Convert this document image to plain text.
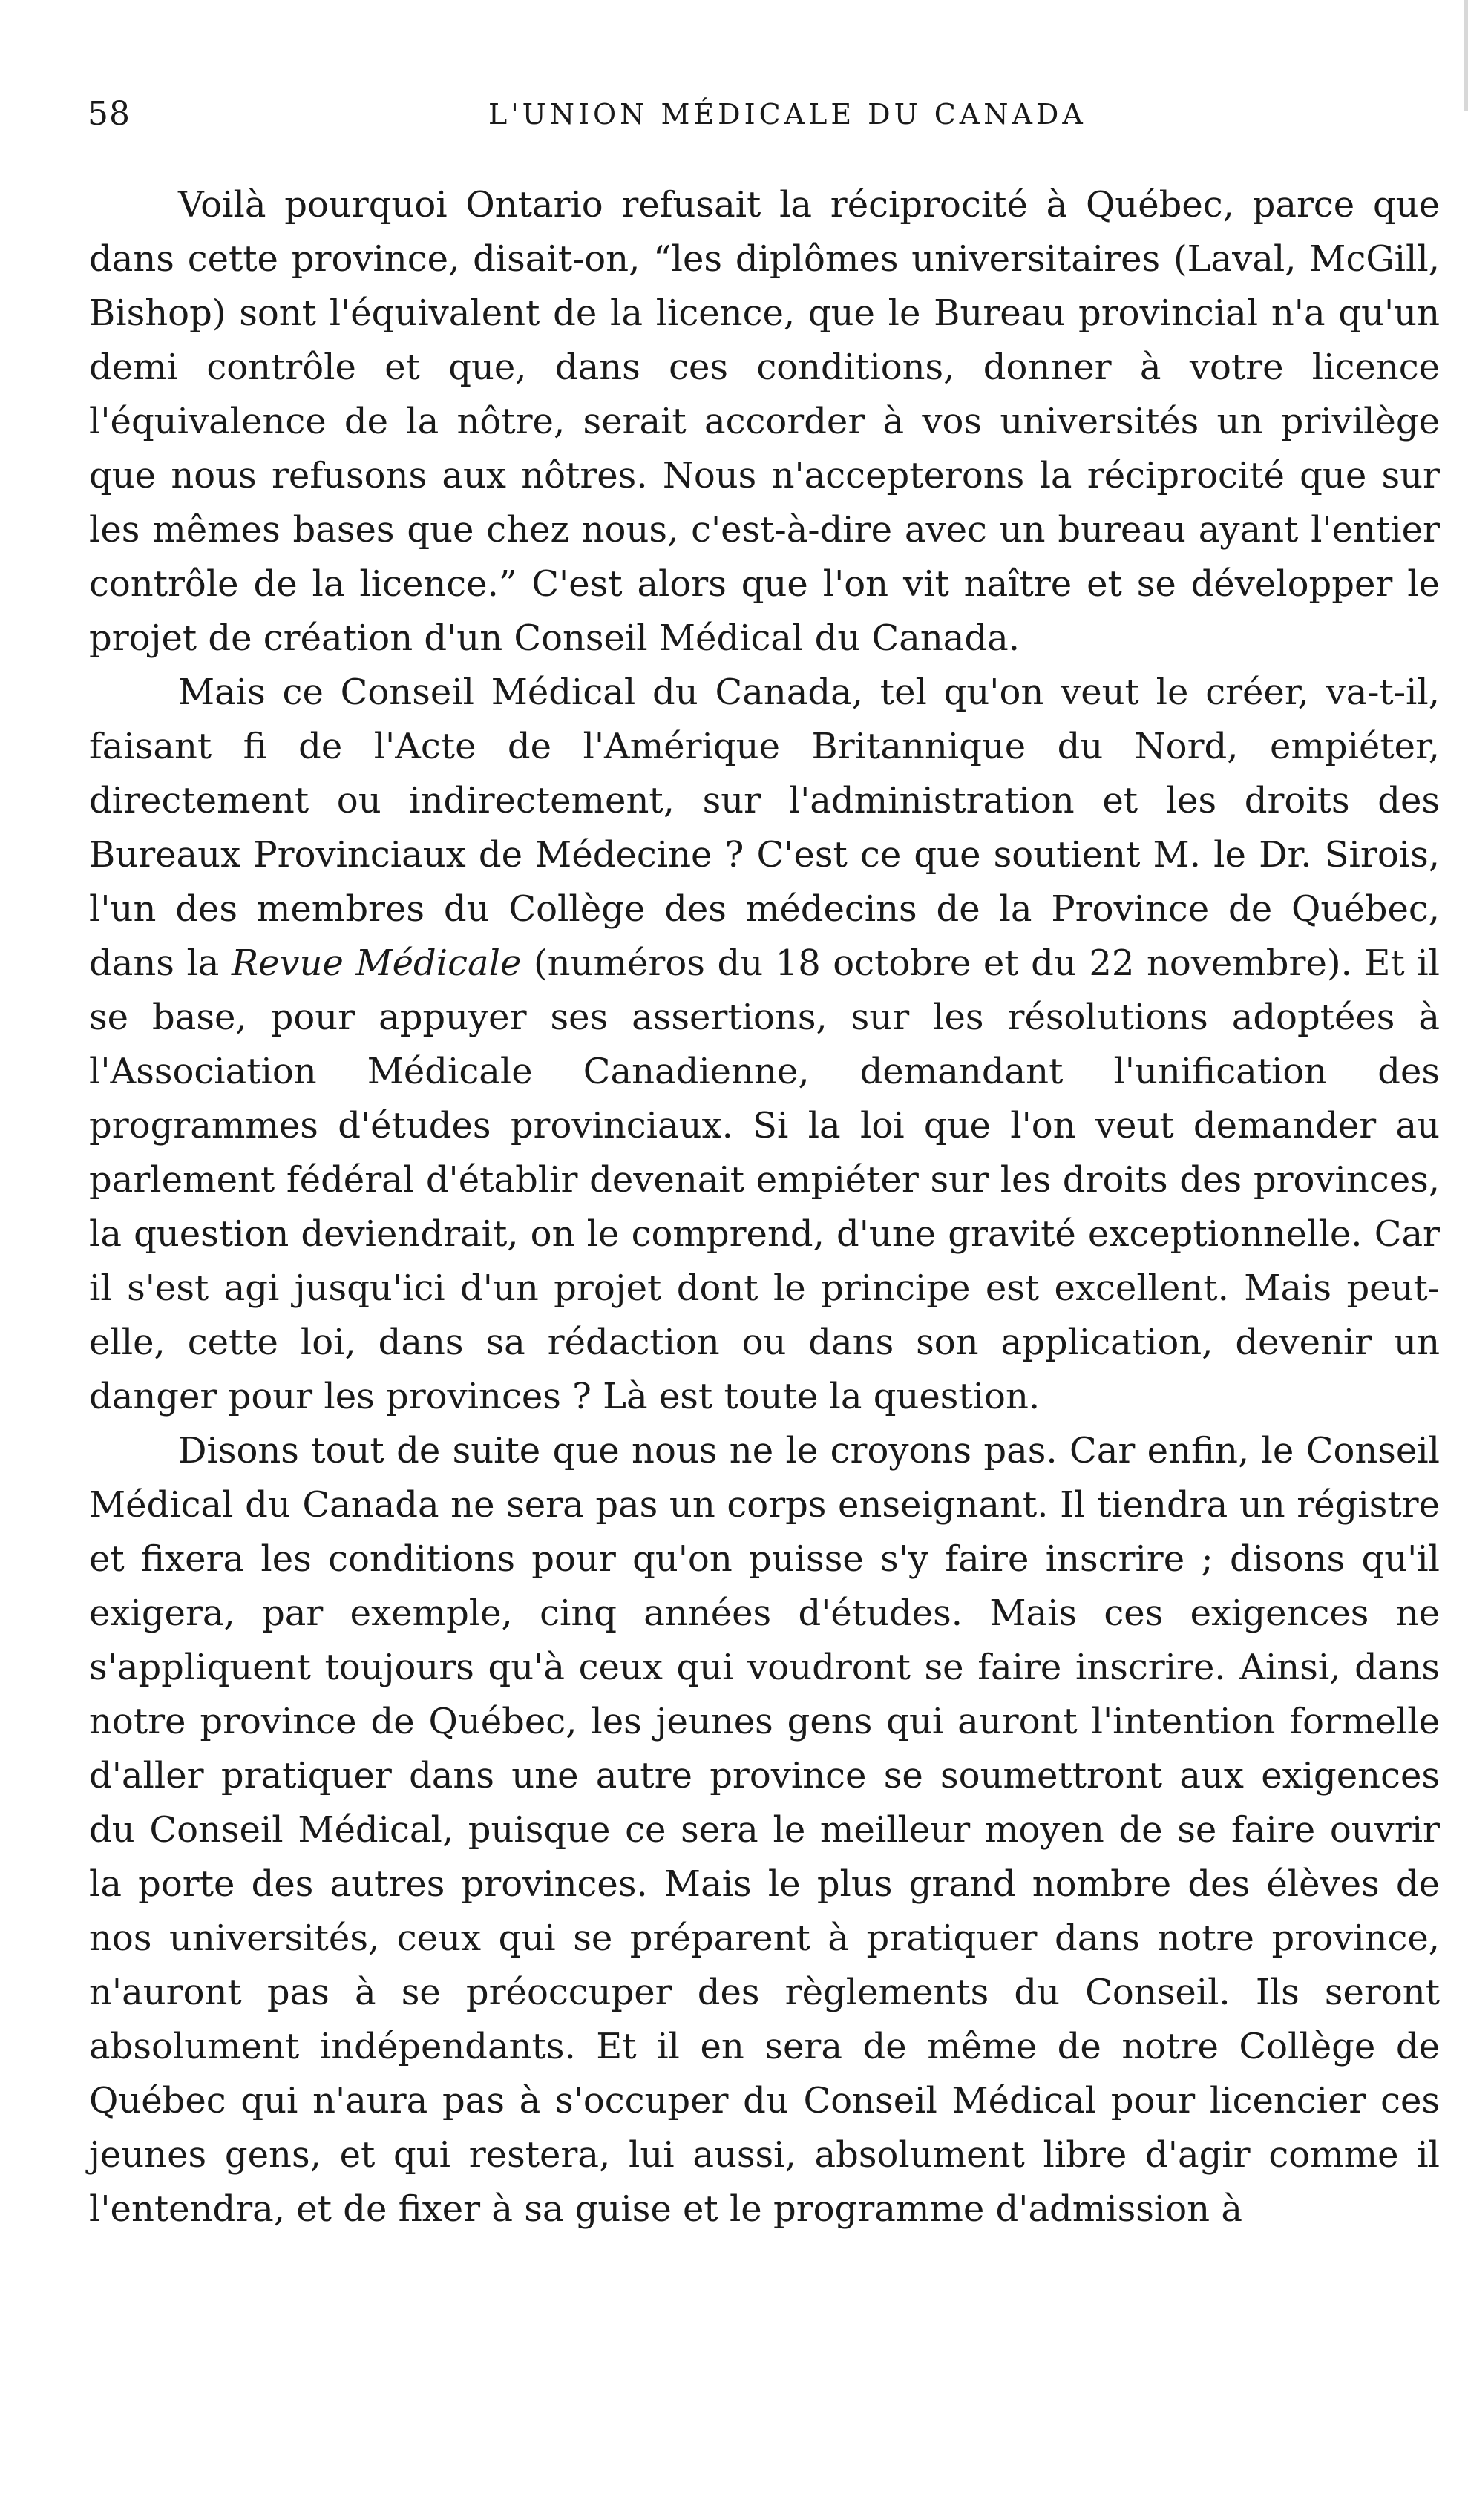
58	L'UNION MÉDICALE DU CANADA

Voilà pourquoi Ontario refusait la réciprocité à Québec, parce que dans cette province, disait-on, “les diplômes universitaires (Laval, McGill, Bishop) sont l'équivalent de la licence, que le Bureau provincial n'a qu'un demi contrôle et que, dans ces conditions, donner à votre licence l'équivalence de la nôtre, serait accorder à vos universités un privilège que nous refusons aux nôtres. Nous n'accepterons la réciprocité que sur les mêmes bases que chez nous, c'est-à-dire avec un bureau ayant l'entier contrôle de la licence.” C'est alors que l'on vit naître et se développer le projet de création d'un Conseil Médical du Canada.

Mais ce Conseil Médical du Canada, tel qu'on veut le créer, va-t-il, faisant fi de l'Acte de l'Amérique Britannique du Nord, empiéter, directement ou indirectement, sur l'administration et les droits des Bureaux Provinciaux de Médecine ? C'est ce que soutient M. le Dr. Sirois, l'un des membres du Collège des médecins de la Province de Québec, dans la Revue Médicale (numéros du 18 octobre et du 22 novembre). Et il se base, pour appuyer ses assertions, sur les résolutions adoptées à l'Association Médicale Canadienne, demandant l'unification des programmes d'études provinciaux. Si la loi que l'on veut demander au parlement fédéral d'établir devenait empiéter sur les droits des provinces, la question deviendrait, on le comprend, d'une gravité exceptionnelle. Car il s'est agi jusqu'ici d'un projet dont le principe est excellent. Mais peut-elle, cette loi, dans sa rédaction ou dans son application, devenir un danger pour les provinces ? Là est toute la question.

Disons tout de suite que nous ne le croyons pas. Car enfin, le Conseil Médical du Canada ne sera pas un corps enseignant. Il tiendra un régistre et fixera les conditions pour qu'on puisse s'y faire inscrire ; disons qu'il exigera, par exemple, cinq années d'études. Mais ces exigences ne s'appliquent toujours qu'à ceux qui voudront se faire inscrire. Ainsi, dans notre province de Québec, les jeunes gens qui auront l'intention formelle d'aller pratiquer dans une autre province se soumettront aux exigences du Conseil Médical, puisque ce sera le meilleur moyen de se faire ouvrir la porte des autres provinces. Mais le plus grand nombre des élèves de nos universités, ceux qui se préparent à pratiquer dans notre province, n'auront pas à se préoccuper des règlements du Conseil. Ils seront absolument indépendants. Et il en sera de même de notre Collège de Québec qui n'aura pas à s'occuper du Conseil Médical pour licencier ces jeunes gens, et qui restera, lui aussi, absolument libre d'agir comme il l'entendra, et de fixer à sa guise et le programme d'admission à
